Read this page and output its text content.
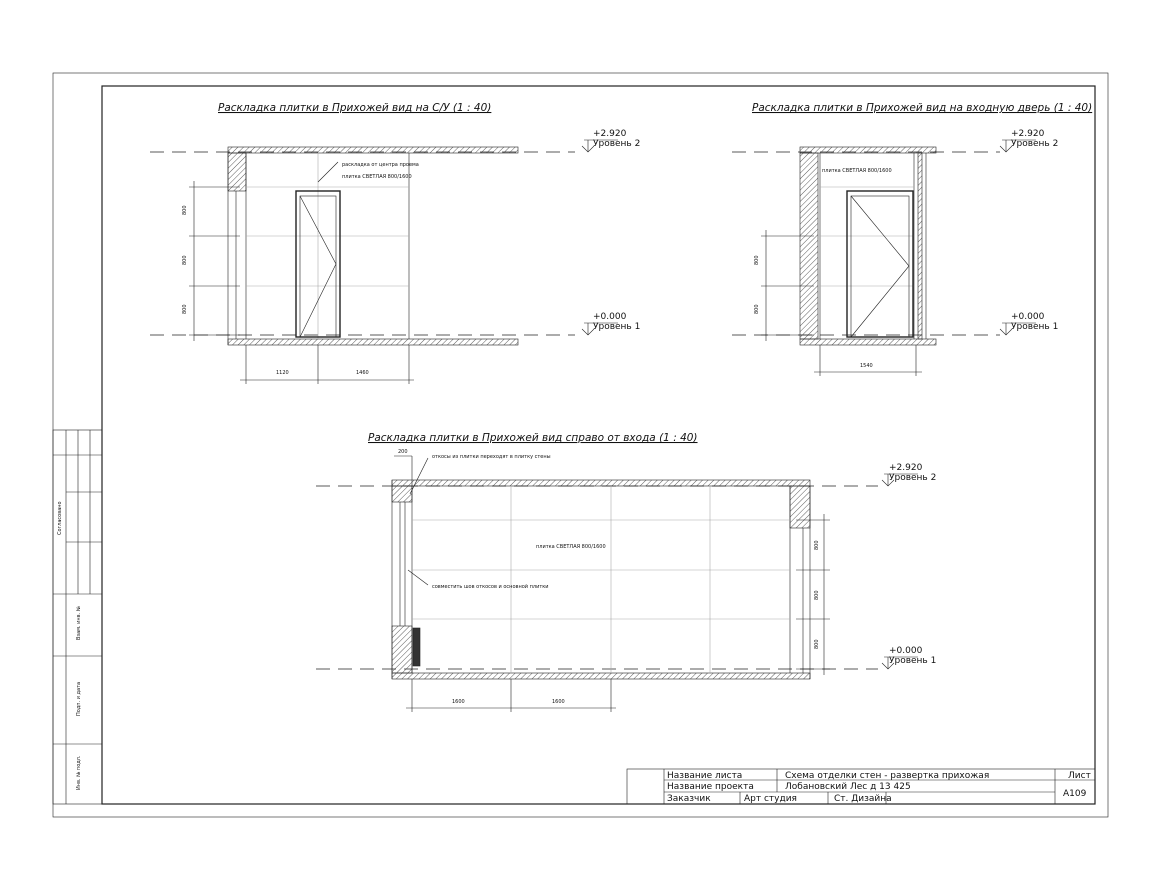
Согласовано
Взам. инв. №
Подп. и дата
Инв. № подл.
Раскладка плитки в Прихожей вид на С/У (1 : 40)
раскладка от центра проема
плитка СВЕТЛАЯ 800/1600
800
800
800
1120	1460
+2.920
Уровень 2
+0.000
Уровень 1
Раскладка плитки в Прихожей вид на входную дверь (1 : 40)
плитка СВЕТЛАЯ 800/1600
800
800
1540
+2.920
Уровень 2
+0.000
Уровень 1
Раскладка плитки в Прихожей вид справо от входа (1 : 40)
200
откосы из плитки переходят в плитку стены
плитка СВЕТЛАЯ 800/1600
совместить шов откосов и основной плитки
800
800
800
1600	1600
+2.920
Уровень 2
+0.000
Уровень 1
Название листа	Схема отделки стен - развертка прихожая
Название проекта	Лобановский Лес д 13 425
Заказчик	Арт студия	Ст. Дизайна
Лист
A109
